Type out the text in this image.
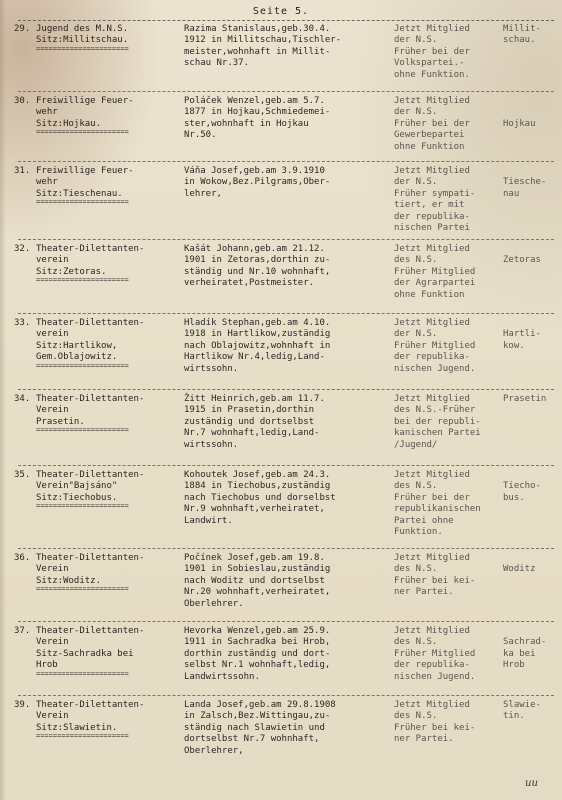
Seite 5.
29. Jugend des M.N.S.
Sitz:Millitschau.
======================
Razima Stanislaus,geb.30.4.
1912 in Millitschau,Tischler-
meister,wohnhaft in Millit-
schau Nr.37.
Jetzt Mitglied
der N.S.
Früher bei der
Volkspartei.-
ohne Funktion.
Millit-
schau.
30. Freiwillige Feuer-
wehr
Sitz:Hojkau.
======================
Poláček Wenzel,geb.am 5.7.
1877 in Hojkau,Schmiedemei-
ster,wohnhaft in Hojkau
Nr.50.
Jetzt Mitglied
der N.S.
Früher bei der
Gewerbepartei
ohne Funktion

Hojkau
31. Freiwillige Feuer-
wehr
Sitz:Tieschenau.
======================
Váňa Josef,geb.am 3.9.1910
in Wokow,Bez.Pilgrams,Ober-
lehrer,
Jetzt Mitglied
der N.S.
Früher sympati-
tiert, er mit
der republika-
nischen Partei

Tiesche-
nau
32. Theater-Dilettanten-
verein
Sitz:Zetoras.
======================
Kašát Johann,geb.am 21.12.
1901 in Zetoras,dorthin zu-
ständig und Nr.10 wohnhaft,
verheiratet,Postmeister.
Jetzt Mitglied
des N.S.
Früher Mitglied
der Agrarpartei
ohne Funktion

Zetoras
33. Theater-Dilettanten-
verein
Sitz:Hartlikow,
Gem.Oblajowitz.
======================
Hladík Stephan,geb.am 4.10.
1918 in Hartlikow,zuständig
nach Oblajowitz,wohnhaft in
Hartlikow Nr.4,ledig,Land-
wirtssohn.
Jetzt Mitglied
der N.S.
Früher Mitglied
der republika-
nischen Jugend.

Hartli-
kow.
34. Theater-Dilettanten-
Verein
Prasetin.
======================
Žitt Heinrich,geb.am 11.7.
1915 in Prasetin,dorthin
zuständig und dortselbst
Nr.7 wohnhaft,ledig,Land-
wirtssohn.
Jetzt Mitglied
des N.S.-Früher
bei der republi-
kanischen Partei
/Jugend/
Prasetin
35. Theater-Dilettanten-
Verein"Bajsáno"
Sitz:Tiechobus.
======================
Kohoutek Josef,geb.am 24.3.
1884 in Tiechobus,zuständig
nach Tiechobus und dorselbst
Nr.9 wohnhaft,verheiratet,
Landwirt.
Jetzt Mitglied
des N.S.
Früher bei der
republikanischen
Partei ohne
Funktion.

Tiecho-
bus.
36. Theater-Dilettanten-
Verein
Sitz:Woditz.
======================
Počínek Josef,geb.am 19.8.
1901 in Sobieslau,zuständig
nach Woditz und dortselbst
Nr.20 wohnhaft,verheiratet,
Oberlehrer.
Jetzt Mitglied
des N.S.
Früher bei kei-
ner Partei.

Woditz
37. Theater-Dilettanten-
Verein
Sitz-Sachradka bei
Hrob
======================
Hevorka Wenzel,geb.am 25.9.
1911 in Sachradka bei Hrob,
dorthin zuständig und dort-
selbst Nr.1 wohnhaft,ledig,
Landwirtssohn.
Jetzt Mitglied
des N.S.
Früher Mitglied
der republika-
nischen Jugend.

Sachrad-
ka bei
Hrob
39. Theater-Dilettanten-
Verein
Sitz:Slawietin.
======================
Landa Josef,geb.am 29.8.1908
in Zalsch,Bez.Wittingau,zu-
ständig nach Slawietin und
dortselbst Nr.7 wohnhaft,
Oberlehrer,
Jetzt Mitglied
des N.S.
Früher bei kei-
ner Partei.
Slawie-
tin.
ии
